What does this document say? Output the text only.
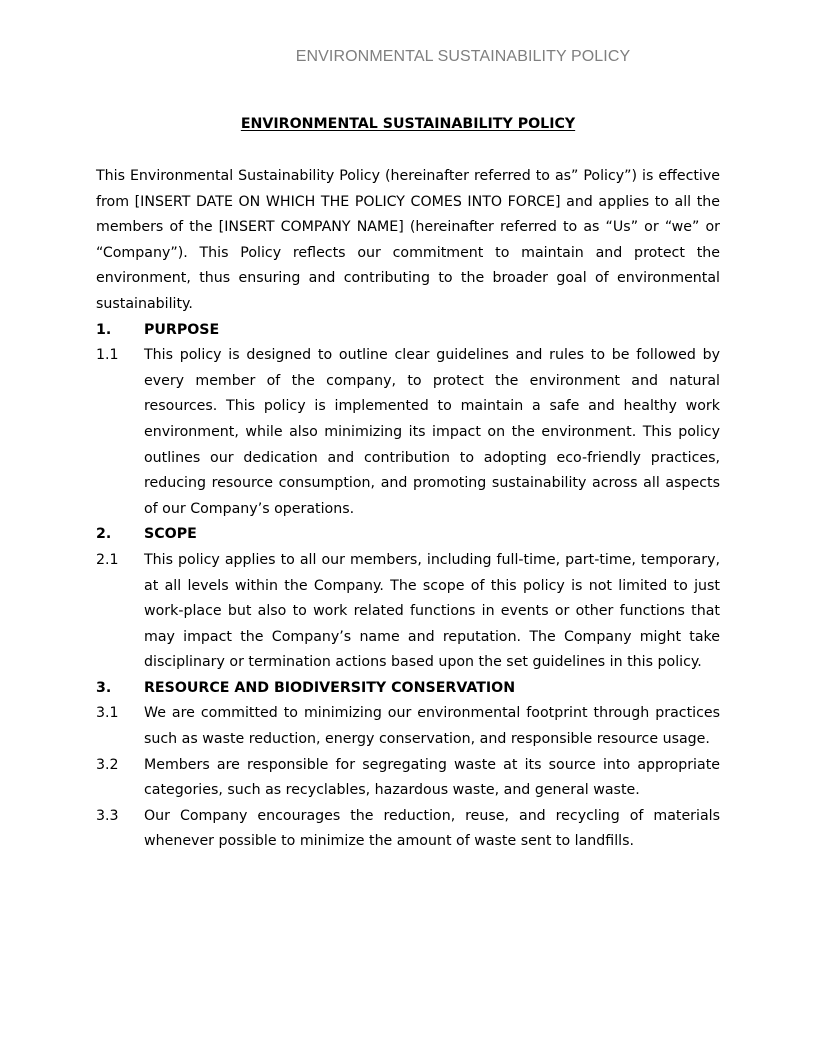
ENVIRONMENTAL SUSTAINABILITY POLICY
ENVIRONMENTAL SUSTAINABILITY POLICY

This Environmental Sustainability Policy (hereinafter referred to as” Policy”) is effective from [INSERT DATE ON WHICH THE POLICY COMES INTO FORCE] and applies to all the members of the [INSERT COMPANY NAME] (hereinafter referred to as “Us” or “we” or “Company”). This Policy reflects our commitment to maintain and protect the environment, thus ensuring and contributing to the broader goal of environmental sustainability.

1.	PURPOSE
1.1	This policy is designed to outline clear guidelines and rules to be followed by every member of the company, to protect the environment and natural resources. This policy is implemented to maintain a safe and healthy work environment, while also minimizing its impact on the environment. This policy outlines our dedication and contribution to adopting eco-friendly practices, reducing resource consumption, and promoting sustainability across all aspects of our Company’s operations.
2.	SCOPE
2.1	This policy applies to all our members, including full-time, part-time, temporary, at all levels within the Company. The scope of this policy is not limited to just work-place but also to work related functions in events or other functions that may impact the Company’s name and reputation. The Company might take disciplinary or termination actions based upon the set guidelines in this policy.
3.	RESOURCE AND BIODIVERSITY CONSERVATION
3.1	We are committed to minimizing our environmental footprint through practices such as waste reduction, energy conservation, and responsible resource usage.
3.2	Members are responsible for segregating waste at its source into appropriate categories, such as recyclables, hazardous waste, and general waste.
3.3	Our Company encourages the reduction, reuse, and recycling of materials whenever possible to minimize the amount of waste sent to landfills.
